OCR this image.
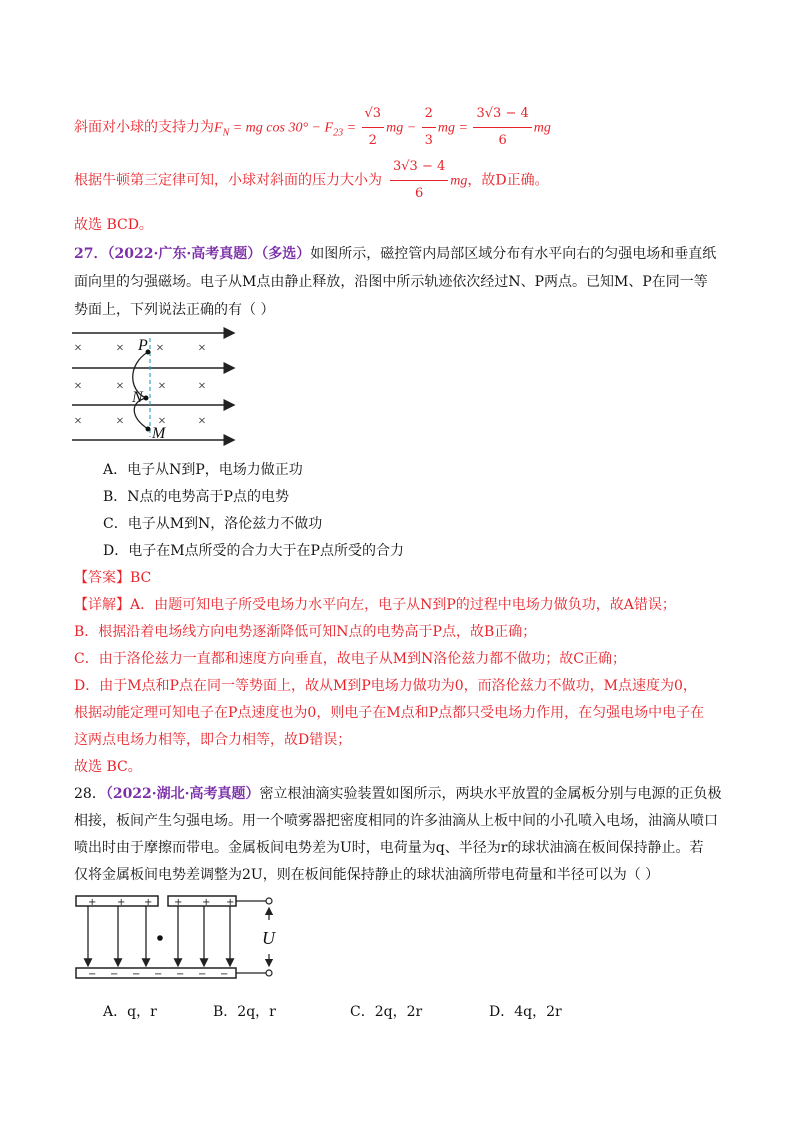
斜面对小球的支持力为$F_N$ = mg $\cos 30^\circ - F_{23} = \frac{√3}{2}$ mg − $\frac{2}{3}$ mg = $\frac{3√3 - 4}{6}$ mg
根据牛顿第三定律可知，小球对斜面的压力大小为 $\frac{3√3 - 4}{6}$ mg，故D正确。
故选 BCD。
27．（2022·广东·高考真题）（多选）如图所示，磁控管内局部区域分布有水平向右的匀强电场和垂直纸
面向里的匀强磁场。电子从M点由静止释放，沿图中所示轨迹依次经过N、P两点。已知M、P在同一等
势面上，下列说法正确的有（ ）
× × × ×
× × × ×
× × × ×
P
N
M
A．电子从N到P，电场力做正功
B．N点的电势高于P点的电势
C．电子从M到N，洛伦兹力不做功
D．电子在M点所受的合力大于在P点所受的合力
【答案】BC
【详解】A．由题可知电子所受电场力水平向左，电子从N到P的过程中电场力做负功，故A错误；
B．根据沿着电场线方向电势逐渐降低可知N点的电势高于P点，故B正确；
C．由于洛伦兹力一直都和速度方向垂直，故电子从M到N洛伦兹力都不做功；故C正确；
D．由于M点和P点在同一等势面上，故从M到P电场力做功为0，而洛伦兹力不做功，M点速度为0，
根据动能定理可知电子在P点速度也为0，则电子在M点和P点都只受电场力作用，在匀强电场中电子在
这两点电场力相等，即合力相等，故D错误；
故选 BC。
28．（2022·湖北·高考真题）密立根油滴实验装置如图所示，两块水平放置的金属板分别与电源的正负极
相接，板间产生匀强电场。用一个喷雾器把密度相同的许多油滴从上板中间的小孔喷入电场，油滴从喷口
喷出时由于摩擦而带电。金属板间电势差为U时，电荷量为q、半径为r的球状油滴在板间保持静止。若
仅将金属板间电势差调整为2U，则在板间能保持静止的球状油滴所带电荷量和半径可以为（ ）
+ + + + + +
− − − − − − −
U
A．q，r	B．2q，r	C．2q，2r	D．4q，2r
